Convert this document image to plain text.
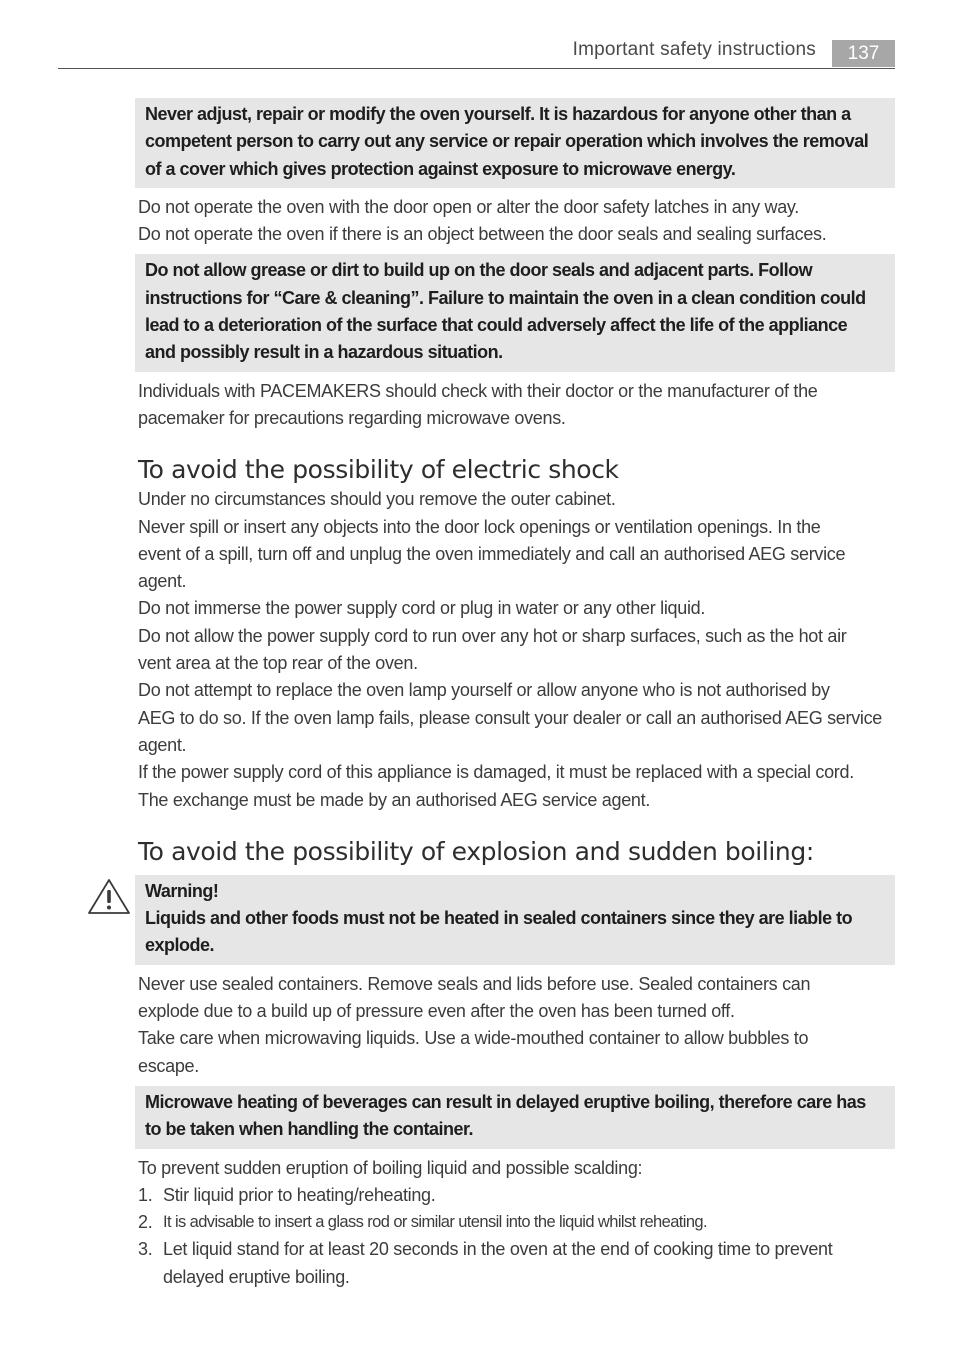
Important safety instructions	137
Never adjust, repair or modify the oven yourself. It is hazardous for anyone other than a
competent person to carry out any service or repair operation which involves the removal
of a cover which gives protection against exposure to microwave energy.
Do not operate the oven with the door open or alter the door safety latches in any way.
Do not operate the oven if there is an object between the door seals and sealing surfaces.
Do not allow grease or dirt to build up on the door seals and adjacent parts. Follow
instructions for “Care & cleaning”. Failure to maintain the oven in a clean condition could
lead to a deterioration of the surface that could adversely affect the life of the appliance
and possibly result in a hazardous situation.
Individuals with PACEMAKERS should check with their doctor or the manufacturer of the
pacemaker for precautions regarding microwave ovens.
To avoid the possibility of electric shock
Under no circumstances should you remove the outer cabinet.
Never spill or insert any objects into the door lock openings or ventilation openings. In the
event of a spill, turn off and unplug the oven immediately and call an authorised AEG service
agent.
Do not immerse the power supply cord or plug in water or any other liquid.
Do not allow the power supply cord to run over any hot or sharp surfaces, such as the hot air
vent area at the top rear of the oven.
Do not attempt to replace the oven lamp yourself or allow anyone who is not authorised by
AEG to do so. If the oven lamp fails, please consult your dealer or call an authorised AEG service
agent.
If the power supply cord of this appliance is damaged, it must be replaced with a special cord.
The exchange must be made by an authorised AEG service agent.
To avoid the possibility of explosion and sudden boiling:
Warning!
Liquids and other foods must not be heated in sealed containers since they are liable to
explode.
Never use sealed containers. Remove seals and lids before use. Sealed containers can
explode due to a build up of pressure even after the oven has been turned off.
Take care when microwaving liquids. Use a wide-mouthed container to allow bubbles to
escape.
Microwave heating of beverages can result in delayed eruptive boiling, therefore care has
to be taken when handling the container.
To prevent sudden eruption of boiling liquid and possible scalding:
1. Stir liquid prior to heating/reheating.
2. It is advisable to insert a glass rod or similar utensil into the liquid whilst reheating.
3. Let liquid stand for at least 20 seconds in the oven at the end of cooking time to prevent
delayed eruptive boiling.
